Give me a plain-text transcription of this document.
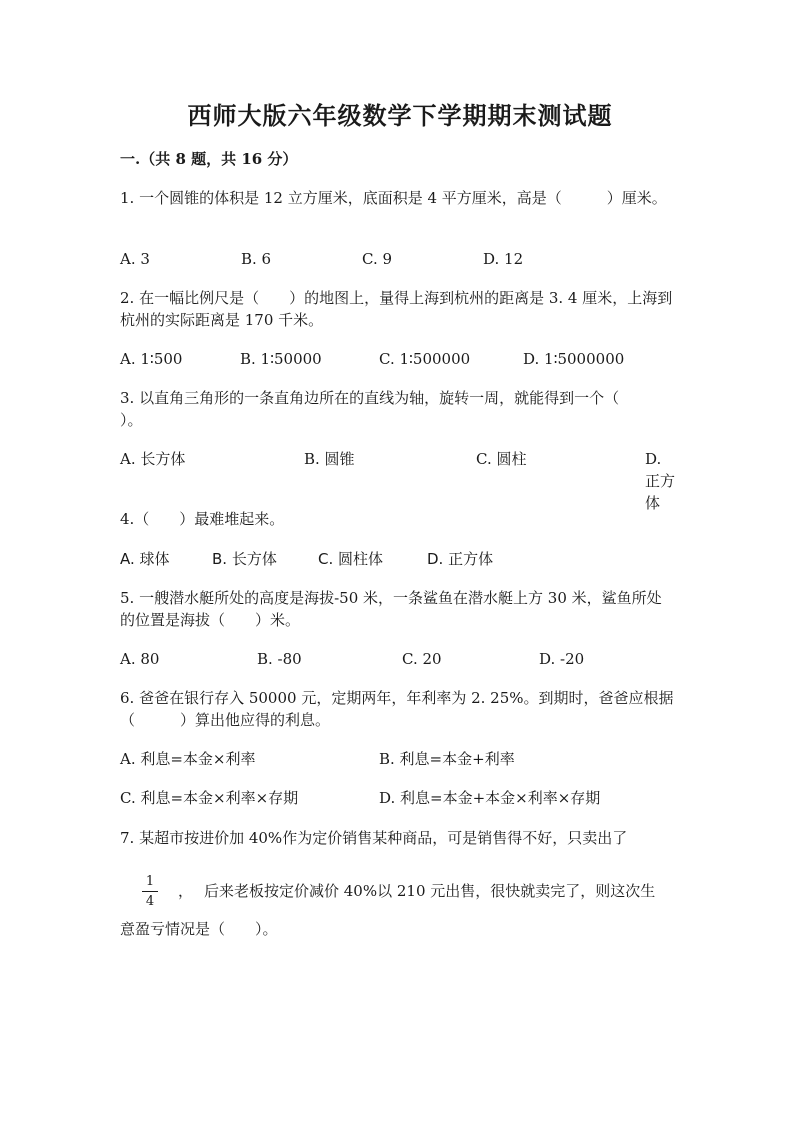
西师大版六年级数学下学期期末测试题
一.（共 8 题，共 16 分）
1. 一个圆锥的体积是 12 立方厘米，底面积是 4 平方厘米，高是（　　　）厘米。
A. 3	B. 6	C. 9	D. 12
2. 在一幅比例尺是（　　）的地图上，量得上海到杭州的距离是 3. 4 厘米，上海到杭州的实际距离是 170 千米。
A. 1∶500	B. 1∶50000	C. 1∶500000	D. 1∶5000000
3. 以直角三角形的一条直角边所在的直线为轴，旋转一周，就能得到一个（　　　）。
A. 长方体	B. 圆锥	C. 圆柱	D. 正方体
4.（　　）最难堆起来。
A. 球体	B. 长方体	C. 圆柱体	D. 正方体
5. 一艘潜水艇所处的高度是海拔-50 米，一条鲨鱼在潜水艇上方 30 米，鲨鱼所处的位置是海拔（　　）米。
A. 80	B. -80	C. 20	D. -20
6. 爸爸在银行存入 50000 元，定期两年，年利率为 2. 25%。到期时，爸爸应根据（　　　）算出他应得的利息。
A. 利息=本金×利率	B. 利息=本金+利率
C. 利息=本金×利率×存期	D. 利息=本金+本金×利率×存期
7. 某超市按进价加 40%作为定价销售某种商品，可是销售得不好，只卖出了
1
4
， 后来老板按定价减价 40%以 210 元出售，很快就卖完了，则这次生
意盈亏情况是（　　）。
